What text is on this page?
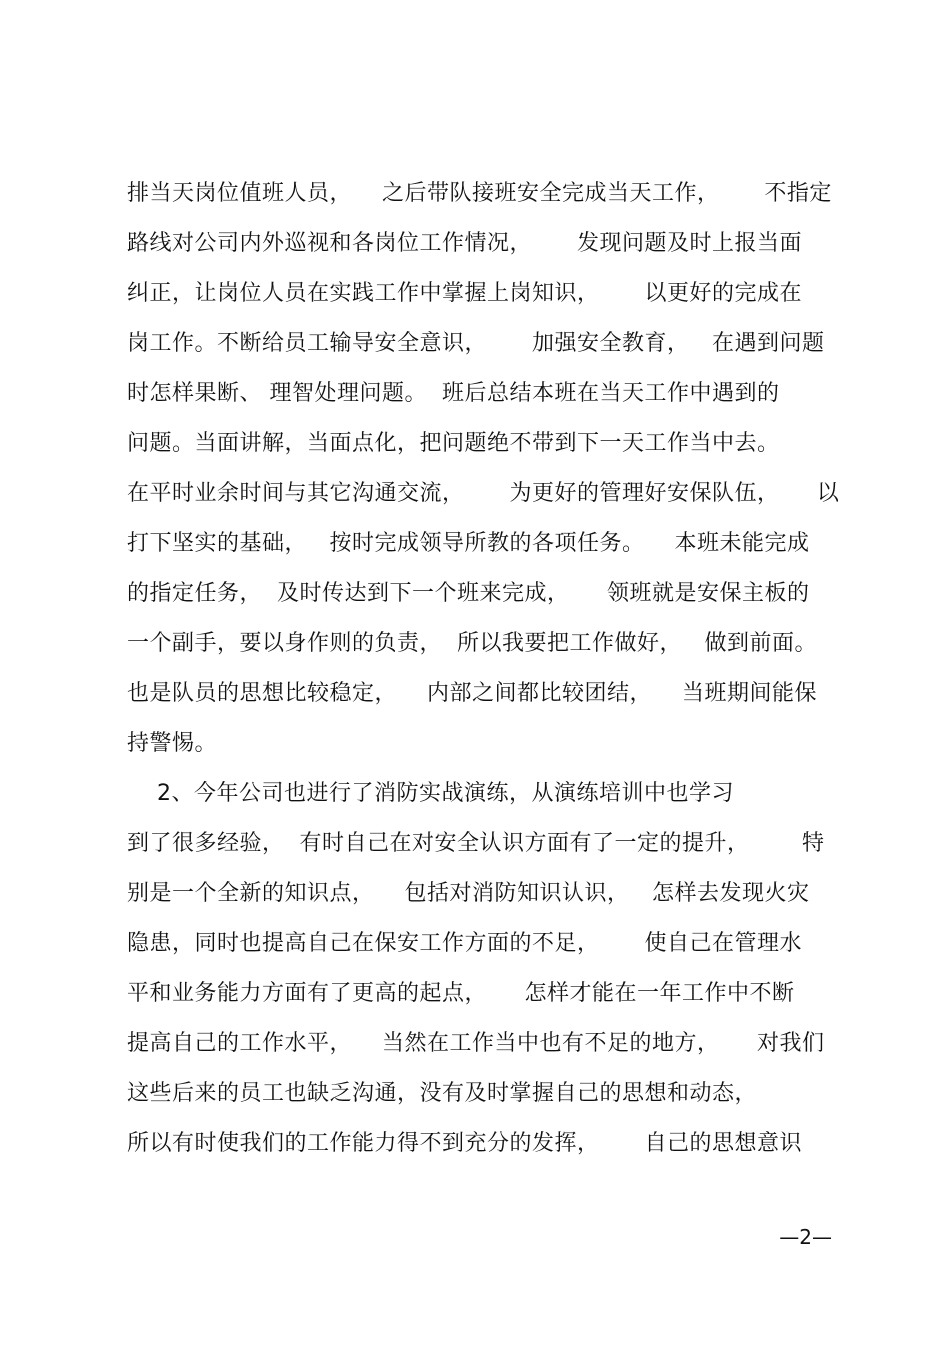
排当天岗位值班人员，    之后带队接班安全完成当天工作，      不指定
路线对公司内外巡视和各岗位工作情况，      发现问题及时上报当面
纠正，让岗位人员在实践工作中掌握上岗知识，      以更好的完成在
岗工作。不断给员工输导安全意识，      加强安全教育，   在遇到问题
时怎样果断、 理智处理问题。  班后总结本班在当天工作中遇到的
问题。当面讲解，当面点化，把问题绝不带到下一天工作当中去。
在平时业余时间与其它沟通交流，      为更好的管理好安保队伍，     以
打下坚实的基础，   按时完成领导所教的各项任务。    本班未能完成
的指定任务，  及时传达到下一个班来完成，     领班就是安保主板的
一个副手，要以身作则的负责，  所以我要把工作做好，   做到前面。
也是队员的思想比较稳定，    内部之间都比较团结，    当班期间能保
持警惕。
2、今年公司也进行了消防实战演练，从演练培训中也学习
到了很多经验，  有时自己在对安全认识方面有了一定的提升，       特
别是一个全新的知识点，    包括对消防知识认识，   怎样去发现火灾
隐患，同时也提高自己在保安工作方面的不足，      使自己在管理水
平和业务能力方面有了更高的起点，     怎样才能在一年工作中不断
提高自己的工作水平，    当然在工作当中也有不足的地方，     对我们
这些后来的员工也缺乏沟通，没有及时掌握自己的思想和动态，
所以有时使我们的工作能力得不到充分的发挥，      自己的思想意识
—2—
